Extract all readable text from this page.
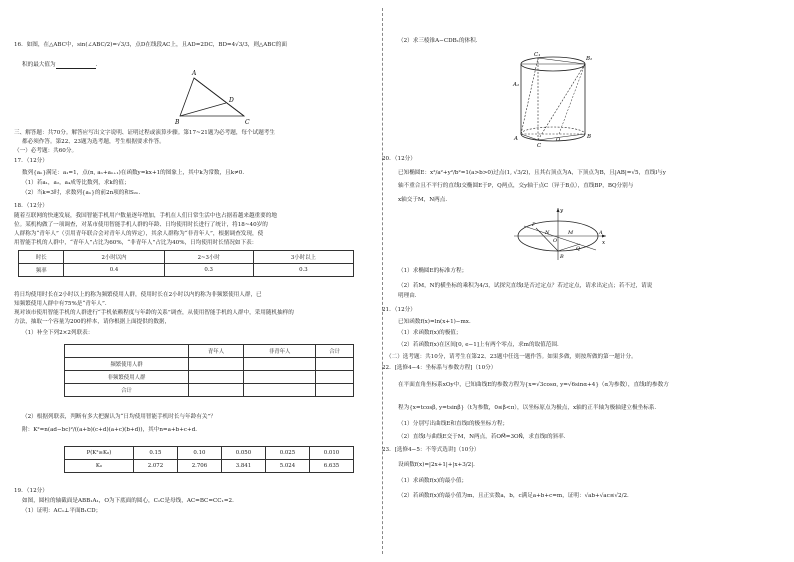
16．如图，在△ABC中，sin(∠ABC/2)=√3/3，点D在线段AC上，且AD=2DC，BD=4√3/3，则△ABC的面
积的最大值为	．
A
B	C
D
三、解答题：共70分。解答应写出文字说明、证明过程或演算步骤。第17~21题为必考题，每个试题考生
都必须作答。第22、23题为选考题，考生根据要求作答。
（一）必考题：共60分。
17．（12分）
数列{aₙ}满足：a₁=1，点(n, aₙ+aₙ₊₁)在函数y=kx+1的图象上，其中k为常数，且k≠0．
（1）若a₁，a₂，a₄成等比数列，求k的值；
（2）当k=3时，求数列{aₙ}的前2n项的和S₂ₙ．
18．（12分）
随着互联网的快速发展，我国智能手机用户数量逐年增加，手机在人们日常生活中也占据着越来越重要的地
位。某机构做了一项调查，对某市使用智能手机人群的年龄、日均使用时长进行了统计，将18~40岁的
人群称为“青年人”（引用青年联合会对青年人的界定），其余人群称为“非青年人”，根据调查发现，使
用智能手机的人群中，“青年人”占比为60%，“非青年人”占比为40%，日均使用时长情况如下表：
时长	2小时以内	2~3小时	3小时以上
频率	0.4	0.3	0.3
将日均使用时长在2小时以上的称为频繁使用人群，使用时长在2小时以内的称为非频繁使用人群，已
知频繁使用人群中有75%是“青年人”．
现对该市使用智能手机的人群进行“手机依赖程度与年龄的关系”调查，从使用智能手机的人群中，采用随机抽样的
方法，抽取一个容量为200的样本，请你根据上面提供的数据，
（1）补全下列2×2列联表：
	青年人	非青年人	合计
频繁使用人群			
非频繁使用人群			
合计			
（2）根据列联表，判断有多大把握认为“日均使用智能手机时长与年龄有关”？
附：K²=n(ad−bc)²/((a+b)(c+d)(a+c)(b+d))，其中n=a+b+c+d．
P(K²≥K₀)	0.15	0.10	0.050	0.025	0.010
K₀	2.072	2.706	3.841	5.024	6.635
19．（12分）
如图，圆柱的轴截面是ABB₁A₁，O为下底面的圆心，C₁C是母线，AC=BC=CC₁=2．
（1）证明：AC₁⊥平面B₁CD；
（2）求三棱锥A−CDB₁的体积．
C₁
B₁
A₁
A	B
C
O
20．（12分）
已知椭圆E：x²/a²+y²/b²=1(a>b>0)过点(1, √3/2)，且其右顶点为A，下顶点为B，且|AB|=√5，直线l与y
轴不重合且不平行的直线l交椭圆E于P，Q两点，交y轴于点C（异于B点），直线BP，BQ分别与
x轴交于M，N两点．
y
x
P
Q
O
N	M	A
B
（1）求椭圆E的标准方程；
（2）若M，N的横坐标的乘积为4/3，试探究直线l是否过定点？若过定点，请求出定点；若不过，请说
明理由．
21．（12分）
已知函数f(x)=ln(x+1)−mx．
（1）求函数f(x)的极值；
（2）若函数f(x)在区间[0, e−1]上有两个零点，求m的取值范围．
（二）选考题：共10分，请考生在第22、23题中任选一题作答。如果多做，则按所做的第一题计分。
22．[选修4−4：坐标系与参数方程]（10分）
在平面直角坐标系xOy中，已知曲线E的参数方程为{x=√3cosα, y=√6sinα+4}（α为参数），直线l的参数方
程为{x=tcosβ, y=tsinβ}（t为参数，0≤β<π），以坐标原点为极点，x轴的正半轴为极轴建立极坐标系．
（1）分别写出曲线E和直线l的极坐标方程；
（2）直线l与曲线E交于M，N两点，若OM⃗=3ON⃗，求直线l的斜率．
23．[选修4−5：不等式选讲]（10分）
设函数f(x)=|2x+1|+|x+3/2|．
（1）求函数f(x)的最小值；
（2）若函数f(x)的最小值为m，且正实数a，b，c满足a+b+c=m，证明：√ab+√ac≤√2/2．
